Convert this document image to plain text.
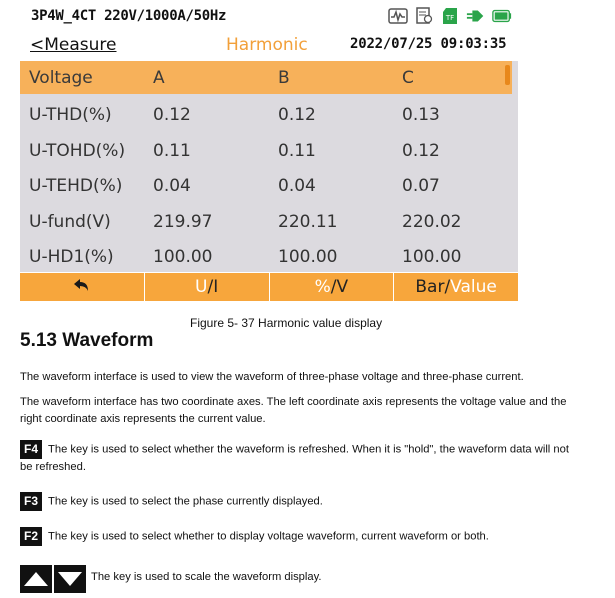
3P4W_4CT 220V/1000A/50Hz	TF
<Measure	Harmonic	2022/07/25 09:03:35
Voltage	A	B	C
U-THD(%) 0.12	0.12	0.13
U-TOHD(%) 0.11	0.11	0.12
U-TEHD(%) 0.04	0.04	0.07
U-fund(V) 219.97	220.11	220.02
U-HD1(%) 100.00	100.00	100.00
U /I	% /V	Bar/ Value
Figure 5- 37 Harmonic value display
5.13 Waveform
The waveform interface is used to view the waveform of three-phase voltage and three-phase current.
The waveform interface has two coordinate axes. The left coordinate axis represents the voltage value and the right coordinate axis represents the current value.
F4 The key is used to select whether the waveform is refreshed. When it is "hold", the waveform data will not be refreshed.
F3 The key is used to select the phase currently displayed.
F2 The key is used to select whether to display voltage waveform, current waveform or both.
The key is used to scale the waveform display.
